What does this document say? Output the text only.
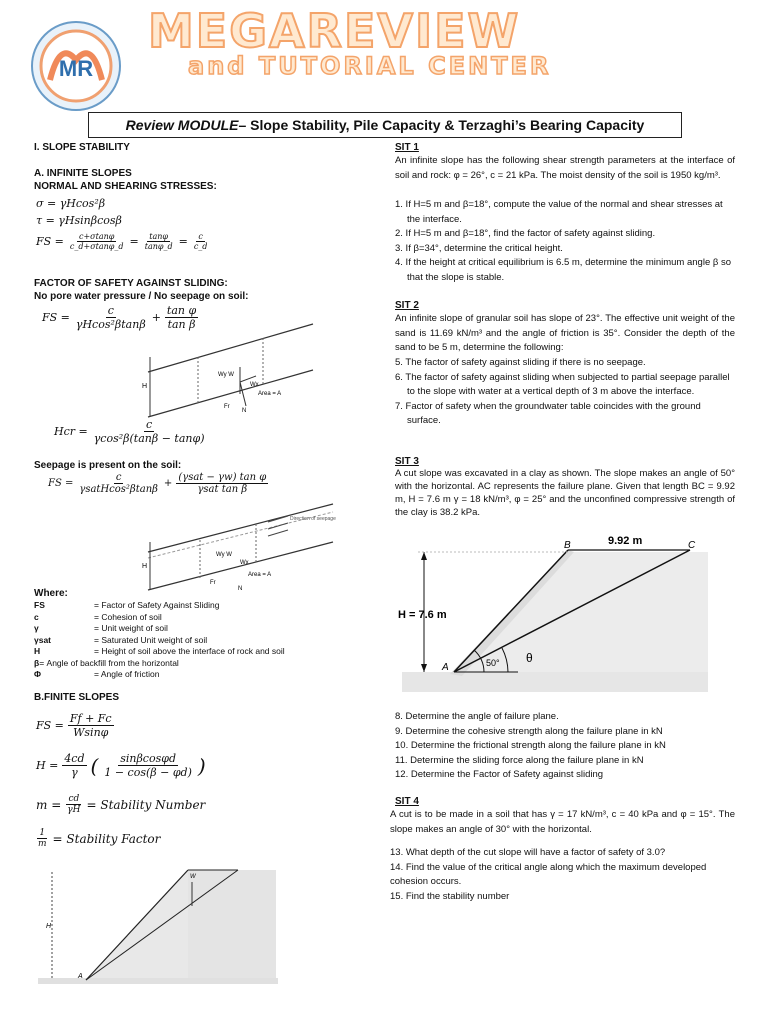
MR
MEGAREVIEW
and TUTORIAL CENTER
Review MODULE – Slope Stability, Pile Capacity & Terzaghi’s Bearing Capacity
I. SLOPE STABILITY
A. INFINITE SLOPES
NORMAL AND SHEARING STRESSES:
σ = γHcos²β
τ = γHsinβcosβ
FS = $\frac{c+\sigma\tan\varphi}{c\_d+\sigma\tan\varphi\_d} = \frac{\tan\varphi}{\tan\varphi\_d} = \frac{c}{c\_d}$
FACTOR OF SAFETY AGAINST SLIDING:
No pore water pressure / No seepage on soil:
FS = $\frac{c}{\text{γHcos²βtanβ}} + \frac{\text{tan φ}}{\text{tan β}}$
H
Wy W
Wx
Area = A
N
Fr
Hcr = $\frac{c}{\text{γcos²β(tanβ − tanφ)}}$
Seepage is present on the soil:
FS = $\frac{c}{\text{γsatHcos²βtanβ}} + \frac{\text{(γsat − γw) tan φ}}{\text{γsat tan β}}$
Direction of seepage
H
Wy W
Wx
Area = A
N
Fr
Where:
FS	= Factor of Safety Against Sliding
c	= Cohesion of soil
γ	= Unit weight of soil
γsat	= Saturated Unit weight of soil
H	= Height of soil above the interface of rock and soil
β= Angle of backfill from the horizontal
Φ	= Angle of friction
B.FINITE SLOPES
FS = $\frac{Ff + Fc}{Wsin\varphi}$
$H = \frac{4cd}{\gamma}$ ( $\frac{\sin\beta\cos\varphi d}{1 - \cos(\beta - \varphi d)}$ )
$m = \frac{cd}{\gamma H}$ = Stability Number
$\frac{1}{m}$ = Stability Factor
H
A
W
SIT 1
An infinite slope has the following shear strength parameters at the interface of soil and rock: φ = 26°, c = 21 kPa. The moist density of the soil is 1950 kg/m³.
1. If H=5 m and β=18°, compute the value of the normal and shear stresses at the interface.
2. If H=5 m and β=18°, find the factor of safety against sliding.
3. If β=34°, determine the critical height.
4. If the height at critical equilibrium is 6.5 m, determine the minimum angle β so that the slope is stable.
SIT 2
An infinite slope of granular soil has slope of 23°. The effective unit weight of the sand is 11.69 kN/m³ and the angle of friction is 35°. Consider the depth of the sand to be 5 m, determine the following:
5. The factor of safety against sliding if there is no seepage.
6. The factor of safety against sliding when subjected to partial seepage parallel to the slope with water at a vertical depth of 3 m above the interface.
7. Factor of safety when the groundwater table coincides with the ground surface.
SIT 3
A cut slope was excavated in a clay as shown. The slope makes an angle of 50° with the horizontal. AC represents the failure plane. Given that length BC = 9.92 m, H = 7.6 m γ = 18 kN/m³, φ = 25° and the unconfined compressive strength of the clay is 38.2 kPa.
H = 7.6 m
9.92 m
50° θ
A
B	C
8. Determine the angle of failure plane.
9. Determine the cohesive strength along the failure plane in kN
10. Determine the frictional strength along the failure plane in kN
11. Determine the sliding force along the failure plane in kN
12. Determine the Factor of Safety against sliding
SIT 4
A cut is to be made in a soil that has γ = 17 kN/m³, c = 40 kPa and φ = 15°. The slope makes an angle of 30° with the horizontal.
13. What depth of the cut slope will have a factor of safety of 3.0?
14. Find the value of the critical angle along which the maximum developed cohesion occurs.
15. Find the stability number
